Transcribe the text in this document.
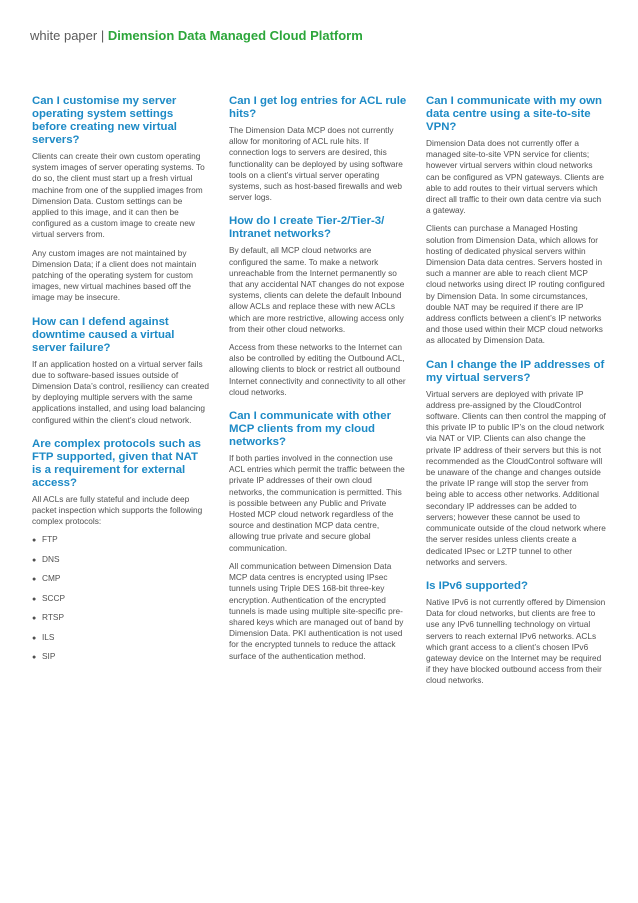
white paper | Dimension Data Managed Cloud Platform
Can I customise my server operating system settings before creating new virtual servers?

Clients can create their own custom operating system images of server operating systems. To do so, the client must start up a fresh virtual machine from one of the supplied images from Dimension Data. Custom settings can be applied to this image, and it can then be configured as a custom image to create new virtual servers from.

Any custom images are not maintained by Dimension Data; if a client does not maintain patching of the operating system for custom images, new virtual machines based off the image may be insecure.

How can I defend against downtime caused a virtual server failure?

If an application hosted on a virtual server fails due to software-based issues outside of Dimension Data’s control, resiliency can created by deploying multiple servers with the same applications installed, and using load balancing configured within the client’s cloud network.

Are complex protocols such as FTP supported, given that NAT is a requirement for external access?

All ACLs are fully stateful and include deep packet inspection which supports the following complex protocols:

● FTP
● DNS
● CMP
● SCCP
● RTSP
● ILS
● SIP
Can I get log entries for ACL rule hits?

The Dimension Data MCP does not currently allow for monitoring of ACL rule hits. If connection logs to servers are desired, this functionality can be deployed by using software tools on a client’s virtual server operating systems, such as host-based firewalls and web server logs.

How do I create Tier-2/Tier-3/ Intranet networks?

By default, all MCP cloud networks are configured the same. To make a network unreachable from the Internet permanently so that any accidental NAT changes do not expose systems, clients can delete the default Inbound allow ACLs and replace these with new ACLs which are more restrictive, allowing access only from their other cloud networks.

Access from these networks to the Internet can also be controlled by editing the Outbound ACL, allowing clients to block or restrict all outbound Internet connectivity and connectivity to all other cloud networks.

Can I communicate with other MCP clients from my cloud networks?

If both parties involved in the connection use ACL entries which permit the traffic between the private IP addresses of their own cloud networks, the communication is permitted. This is possible between any Public and Private Hosted MCP cloud network regardless of the source and destination MCP data centre, allowing true private and secure global communication.

All communication between Dimension Data MCP data centres is encrypted using IPsec tunnels using Triple DES 168-bit three-key encryption. Authentication of the encrypted tunnels is made using multiple site-specific pre-shared keys which are managed out of band by Dimension Data. PKI authentication is not used for the encrypted tunnels to reduce the attack surface of the authentication method.

Can I communicate with my own data centre using a site-to-site VPN?

Dimension Data does not currently offer a managed site-to-site VPN service for clients; however virtual servers within cloud networks can be configured as VPN gateways. Clients are able to add routes to their virtual servers which direct all traffic to their own data centre via such a gateway.

Clients can purchase a Managed Hosting solution from Dimension Data, which allows for hosting of dedicated physical servers within Dimension Data data centres. Servers hosted in such a manner are able to reach client MCP cloud networks using direct IP routing configured by Dimension Data. In some circumstances, double NAT may be required if there are IP address conflicts between a client’s IP networks and those used within their MCP cloud networks as allocated by Dimension Data.

Can I change the IP addresses of my virtual servers?

Virtual servers are deployed with private IP address pre-assigned by the CloudControl software. Clients can then control the mapping of this private IP to public IP’s on the cloud network via NAT or VIP. Clients can also change the private IP address of their servers but this is not recommended as the CloudControl software will be unaware of the change and changes outside the private IP range will stop the server from being able to access other networks. Additional secondary IP addresses can be added to servers; however these cannot be used to communicate outside of the cloud network where the server resides unless clients create a dedicated IPsec or L2TP tunnel to other networks and servers.

Is IPv6 supported?

Native IPv6 is not currently offered by Dimension Data for cloud networks, but clients are free to use any IPv6 tunnelling technology on virtual servers to reach external IPv6 networks. ACLs which grant access to a client’s chosen IPv6 gateway device on the Internet may be required if they have blocked outbound access from their cloud networks.
